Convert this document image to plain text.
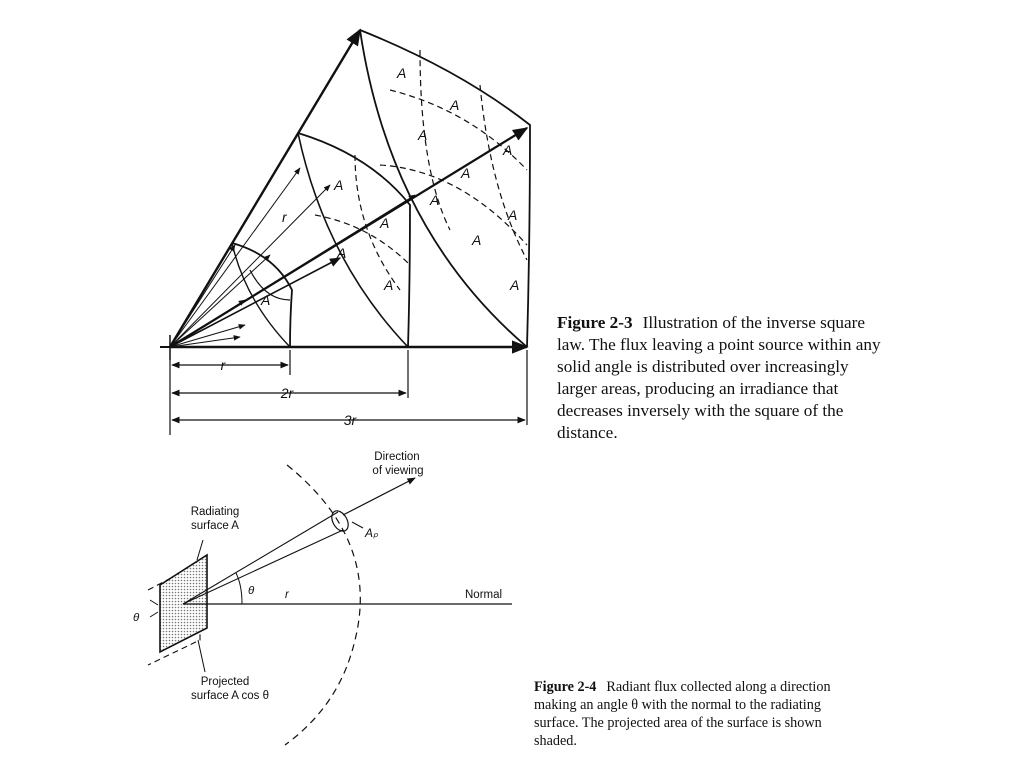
A
A
A
A
A
A
A
A
A
A
A
A
A
A
r
r
2r
3r
Direction
of viewing
Radiating
surface A	Aₚ
θ
θ
r	Normal
Projected
surface A cos θ
Figure 2-3 Illustration of the inverse square law. The flux leaving a point source within any solid angle is distributed over increasingly larger areas, producing an irradiance that decreases inversely with the square of the distance.
Figure 2-4 Radiant flux collected along a direction making an angle θ with the normal to the radiating surface. The projected area of the surface is shown shaded.
